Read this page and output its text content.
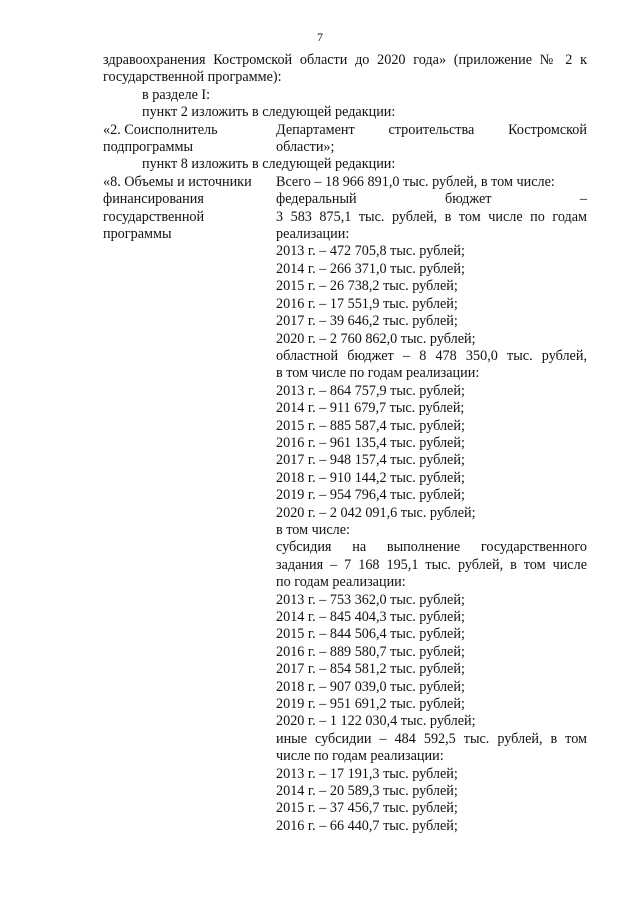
7

здравоохранения Костромской области до 2020 года» (приложение № 2 к

государственной программе):

в разделе I:

пункт 2 изложить в следующей редакции:

«2. Соисполнитель

подпрограммы

Департамент строительства Костромской

области»;

пункт 8 изложить в следующей редакции:

«8. Объемы и источники

финансирования

государственной

программы

Всего – 18 966 891,0 тыс. рублей, в том числе:

федеральный	бюджет	–

3 583 875,1 тыс. рублей, в том числе по годам

реализации:

2013 г. – 472 705,8 тыс. рублей;

2014 г. – 266 371,0 тыс. рублей;

2015 г. – 26 738,2 тыс. рублей;

2016 г. – 17 551,9 тыс. рублей;

2017 г. – 39 646,2 тыс. рублей;

2020 г. – 2 760 862,0 тыс. рублей;

областной бюджет – 8 478 350,0 тыс. рублей,

в том числе по годам реализации:

2013 г. – 864 757,9 тыс. рублей;

2014 г. – 911 679,7 тыс. рублей;

2015 г. – 885 587,4 тыс. рублей;

2016 г. – 961 135,4 тыс. рублей;

2017 г. – 948 157,4 тыс. рублей;

2018 г. – 910 144,2 тыс. рублей;

2019 г. – 954 796,4 тыс. рублей;

2020 г. – 2 042 091,6 тыс. рублей;

в том числе:

субсидия на выполнение государственного

задания – 7 168 195,1 тыс. рублей, в том числе

по годам реализации:

2013 г. – 753 362,0 тыс. рублей;

2014 г. – 845 404,3 тыс. рублей;

2015 г. – 844 506,4 тыс. рублей;

2016 г. – 889 580,7 тыс. рублей;

2017 г. – 854 581,2 тыс. рублей;

2018 г. – 907 039,0 тыс. рублей;

2019 г. – 951 691,2 тыс. рублей;

2020 г. – 1 122 030,4 тыс. рублей;

иные субсидии – 484 592,5 тыс. рублей, в том

числе по годам реализации:

2013 г. – 17 191,3 тыс. рублей;

2014 г. – 20 589,3 тыс. рублей;

2015 г. – 37 456,7 тыс. рублей;

2016 г. – 66 440,7 тыс. рублей;
